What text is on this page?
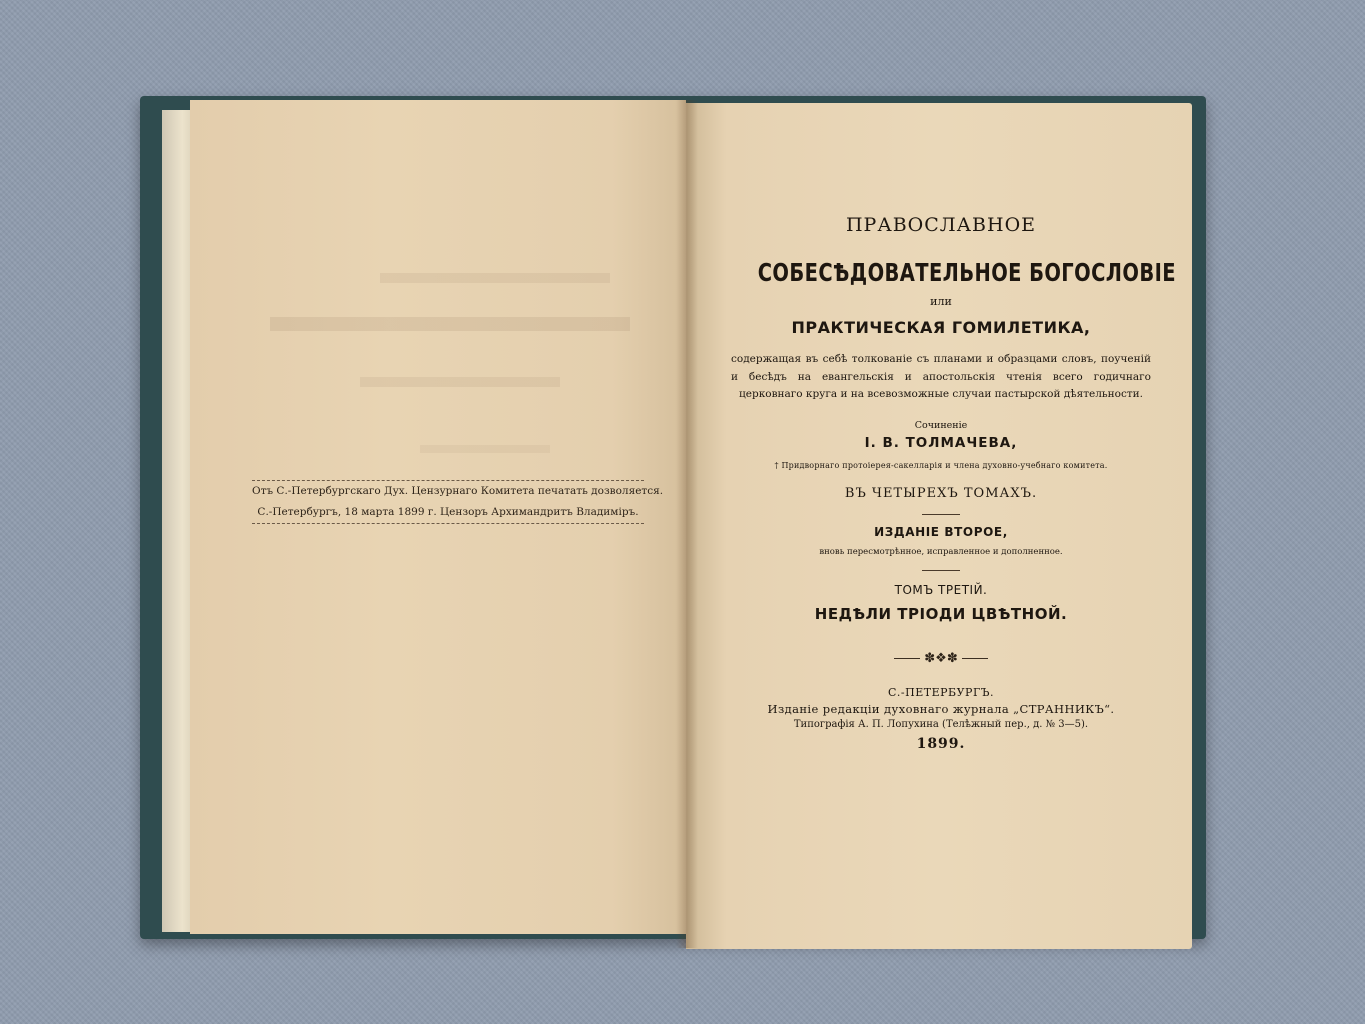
Отъ С.-Петербургскаго Дух. Цензурнаго Комитета печатать дозволяется.
С.-Петербургъ, 18 марта 1899 г. Цензоръ Архимандритъ Владиміръ.
ПРАВОСЛАВНОЕ
СОБЕСѢДОВАТЕЛЬНОЕ БОГОСЛОВІЕ
или
ПРАКТИЧЕСКАЯ ГОМИЛЕТИКА,
содержащая въ себѣ толкованіе съ планами и образцами словъ, поученій и бесѣдъ на евангельскія и апостольскія чтенія всего годичнаго церковнаго круга и на всевозможные случаи пастырской дѣятельности.
Сочиненіе
І. В. ТОЛМАЧЕВА,
† Придворнаго протоіерея-сакелларія и члена духовно-учебнаго комитета.
ВЪ ЧЕТЫРЕХЪ ТОМАХЪ.
ИЗДАНІЕ ВТОРОЕ,
вновь пересмотрѣнное, исправленное и дополненное.
ТОМЪ ТРЕТІЙ.
НЕДѢЛИ ТРІОДИ ЦВѢТНОЙ.
✽❖✽
С.-ПЕТЕРБУРГЪ.
Изданіе редакціи духовнаго журнала „СТРАННИКЪ“.
Типографія А. П. Лопухина (Телѣжный пер., д. № 3—5).
1899.
